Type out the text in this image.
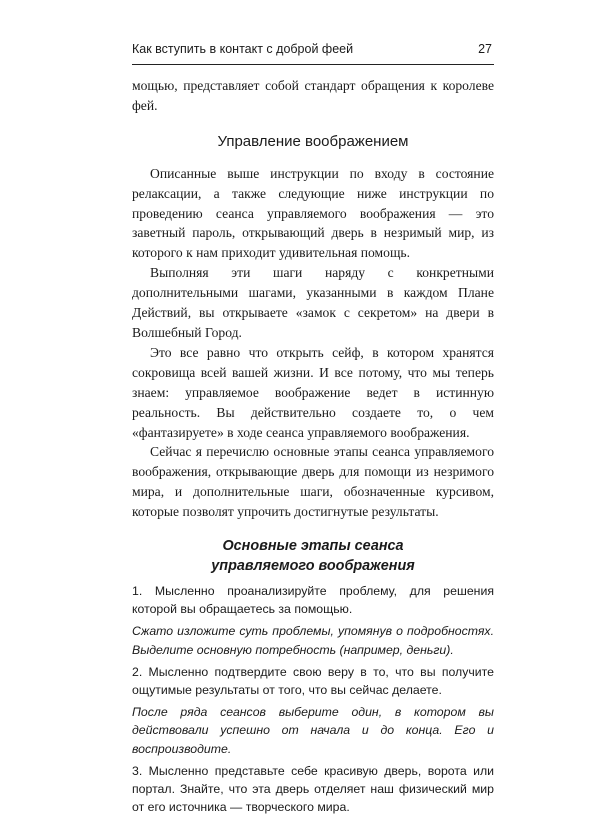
Как вступить в контакт с доброй феей	27

мощью, представляет собой стандарт обращения к королеве фей.

Управление воображением

Описанные выше инструкции по входу в состояние релаксации, а также следующие ниже инструкции по проведению сеанса управляемого воображения — это заветный пароль, открывающий дверь в незримый мир, из которого к нам приходит удивительная помощь.

Выполняя эти шаги наряду с конкретными дополнительными шагами, указанными в каждом Плане Действий, вы открываете «замок с секретом» на двери в Волшебный Город.

Это все равно что открыть сейф, в котором хранятся сокровища всей вашей жизни. И все потому, что мы теперь знаем: управляемое воображение ведет в истинную реальность. Вы действительно создаете то, о чем «фантазируете» в ходе сеанса управляемого воображения.

Сейчас я перечислю основные этапы сеанса управляемого воображения, открывающие дверь для помощи из незримого мира, и дополнительные шаги, обозначенные курсивом, которые позволят упрочить достигнутые результаты.

Основные этапы сеанса
управляемого воображения

1. Мысленно проанализируйте проблему, для решения которой вы обращаетесь за помощью.

Сжато изложите суть проблемы, упомянув о подробностях. Выделите основную потребность (например, деньги).

2. Мысленно подтвердите свою веру в то, что вы получите ощутимые результаты от того, что вы сейчас делаете.

После ряда сеансов выберите один, в котором вы действовали успешно от начала и до конца. Его и воспроизводите.

3. Мысленно представьте себе красивую дверь, ворота или портал. Знайте, что эта дверь отделяет наш физический мир от его источника — творческого мира.
